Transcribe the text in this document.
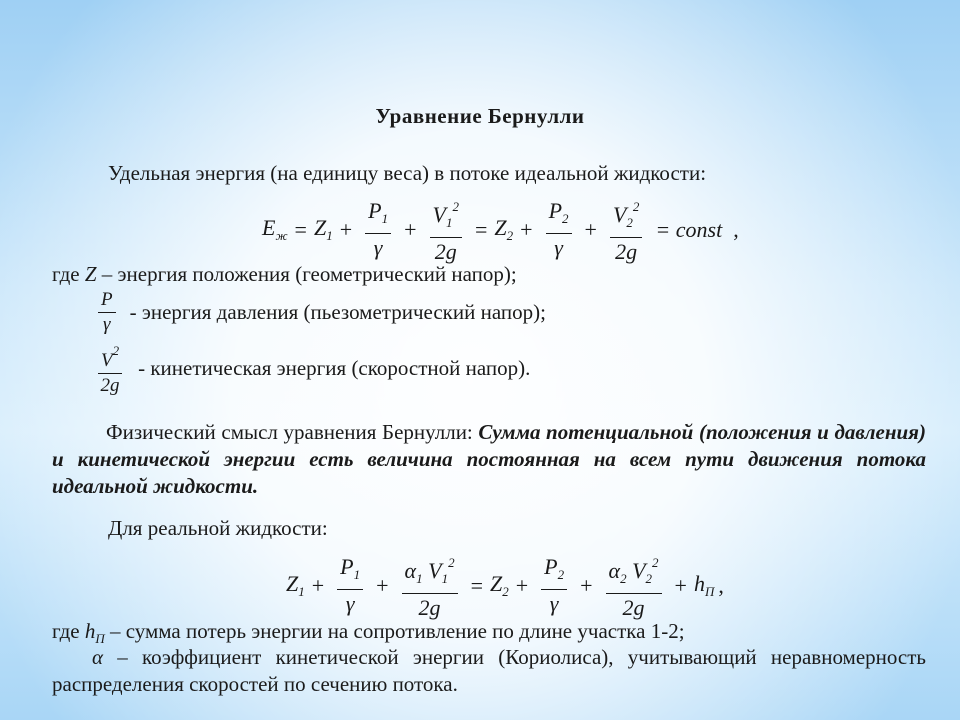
Уравнение Бернулли
Удельная энергия (на единицу веса) в потоке идеальной жидкости:
$E_ж = Z_1 + \frac{P_1}{\gamma} + \frac{V_1^2}{2g} = Z_2 + \frac{P_2}{\gamma} + \frac{V_2^2}{2g}$ = const ,
где Z – энергия положения (геометрический напор);
$\frac{P}{\gamma}$ - энергия давления (пьезометрический напор);
$\frac{V^2}{2g}$ - кинетическая энергия (скоростной напор).
Физический смысл уравнения Бернулли: Сумма потенциальной (положения и давления) и кинетической энергии есть величина постоянная на всем пути движения потока идеальной жидкости.
Для реальной жидкости:
$Z_1 + \frac{P_1}{\gamma} + \frac{\alpha_1 V_1^2}{2g} = Z_2 + \frac{P_2}{\gamma} + \frac{\alpha_2 V_2^2}{2g} + h_П$ ,
где $h_П$ – сумма потерь энергии на сопротивление по длине участка 1-2;
α – коэффициент кинетической энергии (Кориолиса), учитывающий неравномерность распределения скоростей по сечению потока.
